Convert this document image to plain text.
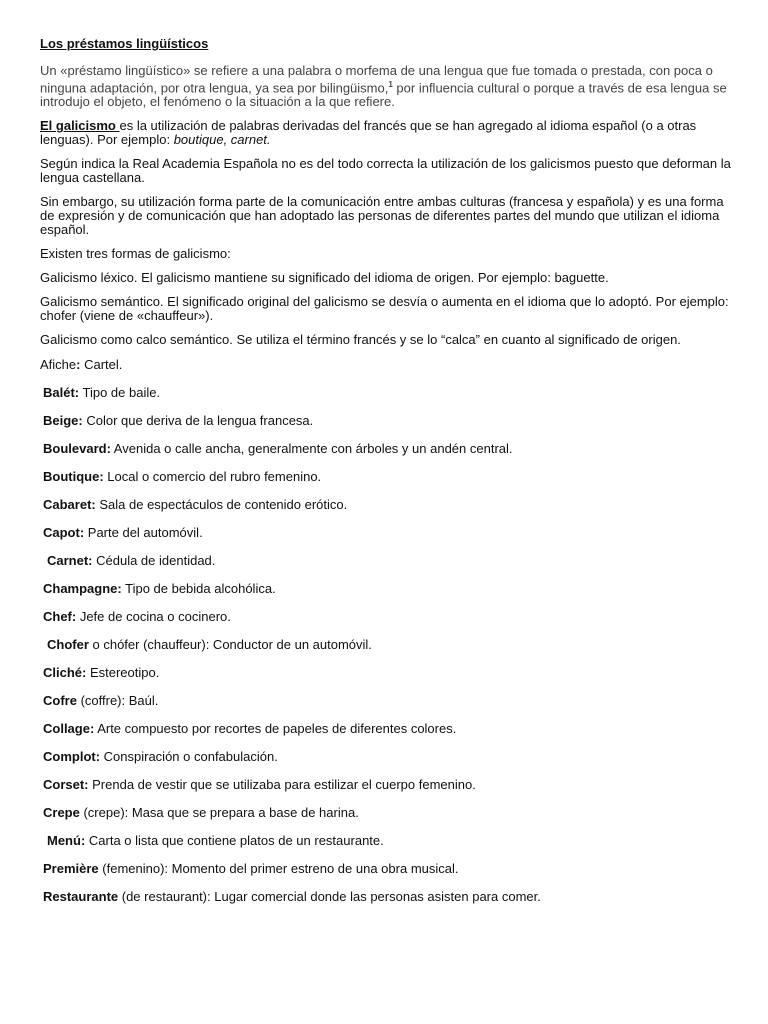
Los préstamos lingüísticos

Un «préstamo lingüístico» se refiere a una palabra o morfema de una lengua que fue tomada o prestada, con poca o ninguna adaptación, por otra lengua, ya sea por bilingüismo,$^1$ por influencia cultural o porque a través de esa lengua se introdujo el objeto, el fenómeno o la situación a la que refiere.

El galicismo es la utilización de palabras derivadas del francés que se han agregado al idioma español (o a otras lenguas). Por ejemplo: boutique, carnet.

Según indica la Real Academia Española no es del todo correcta la utilización de los galicismos puesto que deforman la lengua castellana.

Sin embargo, su utilización forma parte de la comunicación entre ambas culturas (francesa y española) y es una forma de expresión y de comunicación que han adoptado las personas de diferentes partes del mundo que utilizan el idioma español.

Existen tres formas de galicismo:

Galicismo léxico. El galicismo mantiene su significado del idioma de origen. Por ejemplo: baguette.

Galicismo semántico. El significado original del galicismo se desvía o aumenta en el idioma que lo adoptó. Por ejemplo: chofer (viene de «chauffeur»).

Galicismo como calco semántico. Se utiliza el término francés y se lo “calca” en cuanto al significado de origen.

Afiche: Cartel.

Balét: Tipo de baile.

Beige: Color que deriva de la lengua francesa.

Boulevard: Avenida o calle ancha, generalmente con árboles y un andén central.

Boutique: Local o comercio del rubro femenino.

Cabaret: Sala de espectáculos de contenido erótico.

Capot: Parte del automóvil.

Carnet: Cédula de identidad.

Champagne: Tipo de bebida alcohólica.

Chef: Jefe de cocina o cocinero.

Chofer o chófer (chauffeur): Conductor de un automóvil.

Cliché: Estereotipo.

Cofre (coffre): Baúl.

Collage: Arte compuesto por recortes de papeles de diferentes colores.

Complot: Conspiración o confabulación.

Corset: Prenda de vestir que se utilizaba para estilizar el cuerpo femenino.

Crepe (crepe): Masa que se prepara a base de harina.

Menú: Carta o lista que contiene platos de un restaurante.

Première (femenino): Momento del primer estreno de una obra musical.

Restaurante (de restaurant): Lugar comercial donde las personas asisten para comer.
